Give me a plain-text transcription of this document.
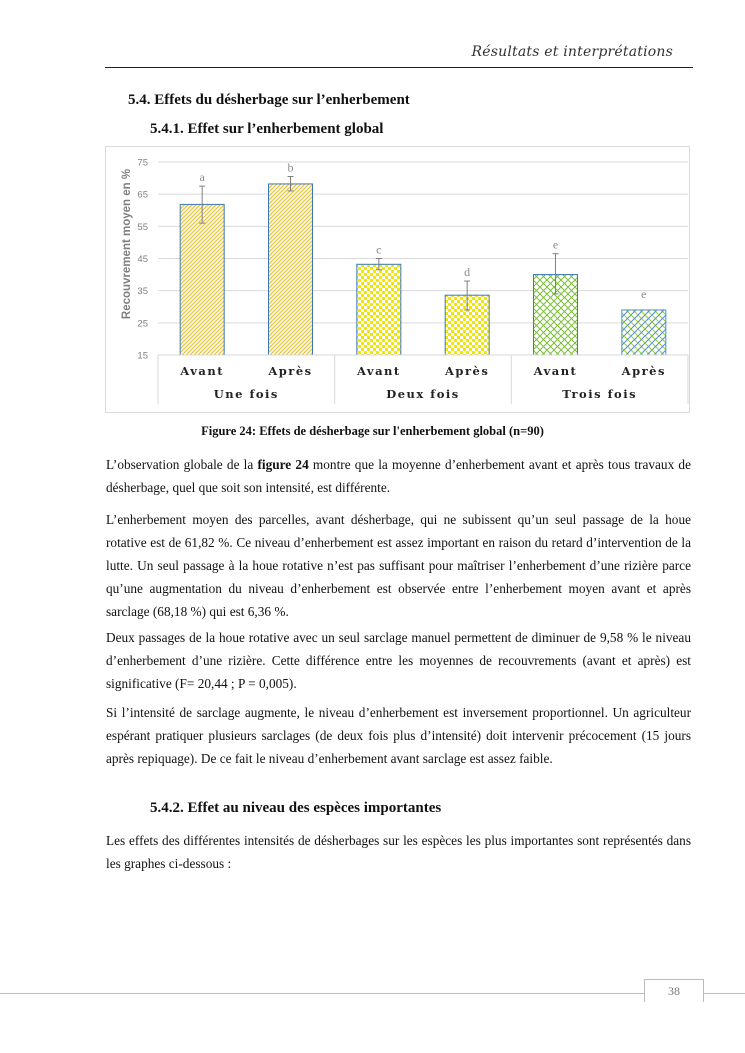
Résultats et interprétations
5.4. Effets du désherbage sur l’enherbement
5.4.1. Effet sur l’enherbement global
Recouvrement moyen en %
15
25
35
45
55
65
75
a
Avant
b
Après
c
Avant
d
Après
e
Avant
e
Après
Une fois	Deux fois	Trois fois
Figure 24: Effets de désherbage sur l'enherbement global (n=90)

L’observation globale de la figure 24 montre que la moyenne d’enherbement avant et après tous travaux de désherbage, quel que soit son intensité, est différente.

L’enherbement moyen des parcelles, avant désherbage, qui ne subissent qu’un seul passage de la houe rotative est de 61,82 %. Ce niveau d’enherbement est assez important en raison du retard d’intervention de la lutte. Un seul passage à la houe rotative n’est pas suffisant pour maîtriser l’enherbement d’une rizière parce qu’une augmentation du niveau d’enherbement est observée entre l’enherbement moyen avant et après sarclage (68,18 %) qui est 6,36 %.

Deux passages de la houe rotative avec un seul sarclage manuel permettent de diminuer de 9,58 % le niveau d’enherbement d’une rizière. Cette différence entre les moyennes de recouvrements (avant et après) est significative (F= 20,44 ; P = 0,005).

Si l’intensité de sarclage augmente, le niveau d’enherbement est inversement proportionnel. Un agriculteur espérant pratiquer plusieurs sarclages (de deux fois plus d’intensité) doit intervenir précocement (15 jours après repiquage). De ce fait le niveau d’enherbement avant sarclage est assez faible.

5.4.2. Effet au niveau des espèces importantes

Les effets des différentes intensités de désherbages sur les espèces les plus importantes sont représentés dans les graphes ci-dessous :

38
